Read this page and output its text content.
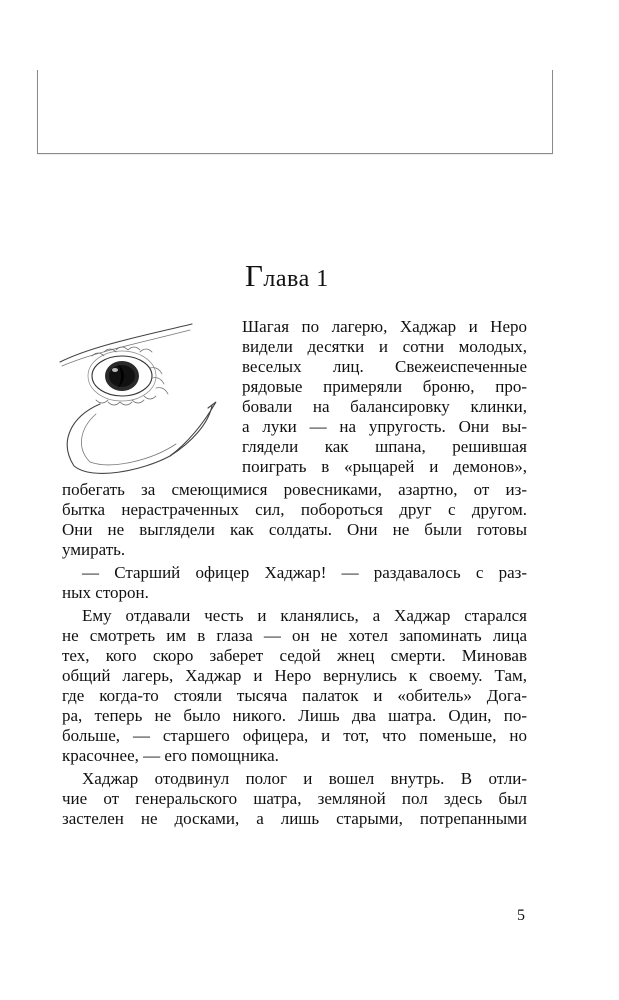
Глава 1
Шагая по лагерю, Хаджар и Неро
видели десятки и сотни молодых,
веселых лиц. Свежеиспеченные
рядовые примеряли броню, про-
бовали на балансировку клинки,
а луки — на упругость. Они вы-
глядели как шпана, решившая
поиграть в «рыцарей и демонов»,
побегать за смеющимися ровесниками, азартно, от из-
бытка нерастраченных сил, побороться друг с другом.
Они не выглядели как солдаты. Они не были готовы
умирать.
— Старший офицер Хаджар! — раздавалось с раз-
ных сторон.
Ему отдавали честь и кланялись, а Хаджар старался
не смотреть им в глаза — он не хотел запоминать лица
тех, кого скоро заберет седой жнец смерти. Миновав
общий лагерь, Хаджар и Неро вернулись к своему. Там,
где когда-то стояли тысяча палаток и «обитель» Дога-
ра, теперь не было никого. Лишь два шатра. Один, по-
больше, — старшего офицера, и тот, что поменьше, но
красочнее, — его помощника.
Хаджар отодвинул полог и вошел внутрь. В отли-
чие от генеральского шатра, земляной пол здесь был
застелен не досками, а лишь старыми, потрепанными
5
